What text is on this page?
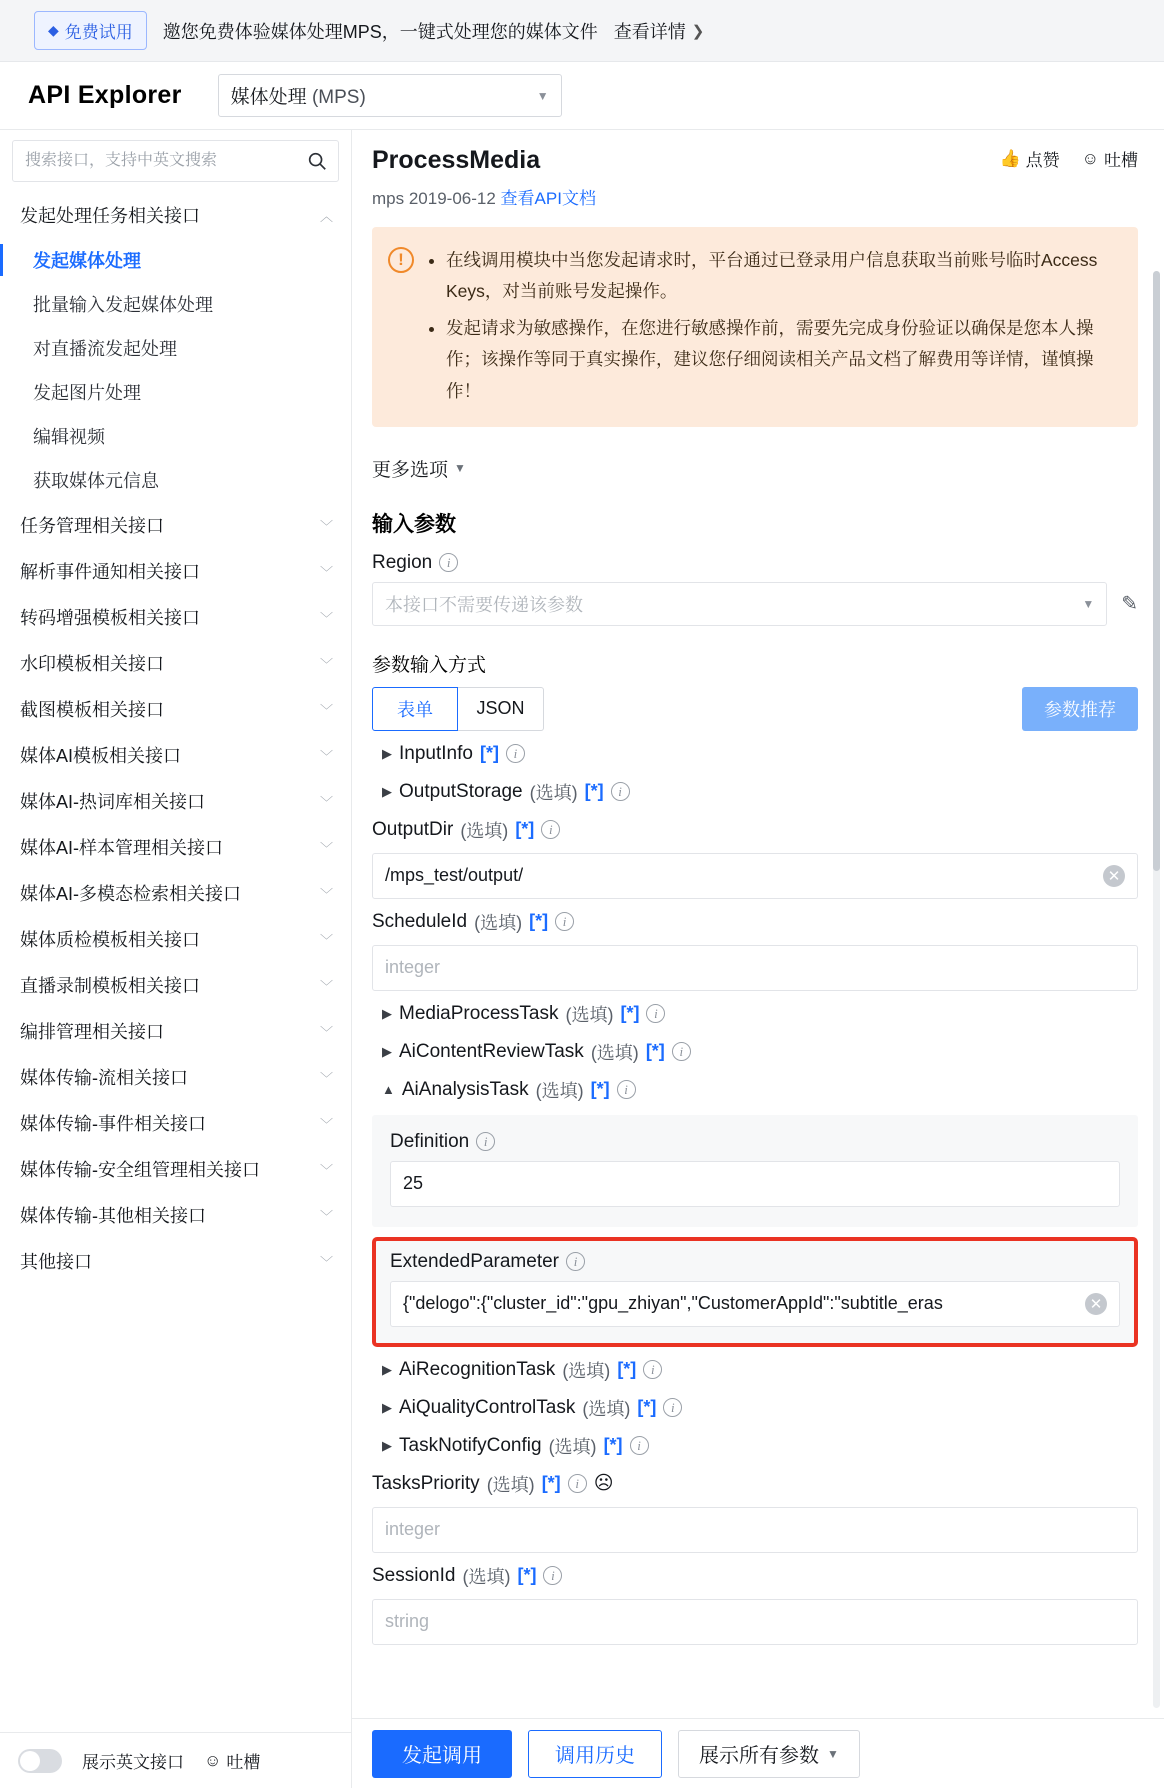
◆ 免费试用 邀您免费体验媒体处理MPS，一键式处理您的媒体文件 查看详情 ❯
API Explorer	媒体处理 (MPS)	▼
搜索接口，支持中英文搜索
发起处理任务相关接口	︿
发起媒体处理
批量输入发起媒体处理
对直播流发起处理
发起图片处理
编辑视频
获取媒体元信息
任务管理相关接口	﹀
解析事件通知相关接口	﹀
转码增强模板相关接口	﹀
水印模板相关接口	﹀
截图模板相关接口	﹀
媒体AI模板相关接口	﹀
媒体AI-热词库相关接口	﹀
媒体AI-样本管理相关接口	﹀
媒体AI-多模态检索相关接口	﹀
媒体质检模板相关接口	﹀
直播录制模板相关接口	﹀
编排管理相关接口	﹀
媒体传输-流相关接口	﹀
媒体传输-事件相关接口	﹀
媒体传输-安全组管理相关接口	﹀
媒体传输-其他相关接口	﹀
其他接口	﹀
展示英文接口 ☺ 吐槽
ProcessMedia
mps 2019-06-12 查看API文档
👍 点赞 ☺ 吐槽
!	• 在线调用模块中当您发起请求时，平台通过已登录用户信息获取当前账号临时Access Keys，对当前账号发起操作。
• 发起请求为敏感操作，在您进行敏感操作前，需要先完成身份验证以确保是您本人操作；该操作等同于真实操作，建议您仔细阅读相关产品文档了解费用等详情，谨慎操作！
更多选项 ▼
输入参数
Region	i
本接口不需要传递该参数	▼ ✎
参数输入方式
表单	JSON	参数推荐
▶ InputInfo [*]	i
▶ OutputStorage (选填) [*]	i
OutputDir (选填) [*]	i
/mps_test/output/	✕
ScheduleId (选填) [*]	i
integer
▶ MediaProcessTask (选填) [*]	i
▶ AiContentReviewTask (选填) [*]	i
▲ AiAnalysisTask (选填) [*]	i
Definition	i
25
ExtendedParameter	i
{"delogo":{"cluster_id":"gpu_zhiyan","CustomerAppId":"subtitle_eras	✕
▶ AiRecognitionTask (选填) [*]	i
▶ AiQualityControlTask (选填) [*]	i
▶ TaskNotifyConfig (选填) [*]	i
TasksPriority (选填) [*]	i ☹
integer
SessionId (选填) [*]	i
string
发起调用	调用历史	展示所有参数 ▼
